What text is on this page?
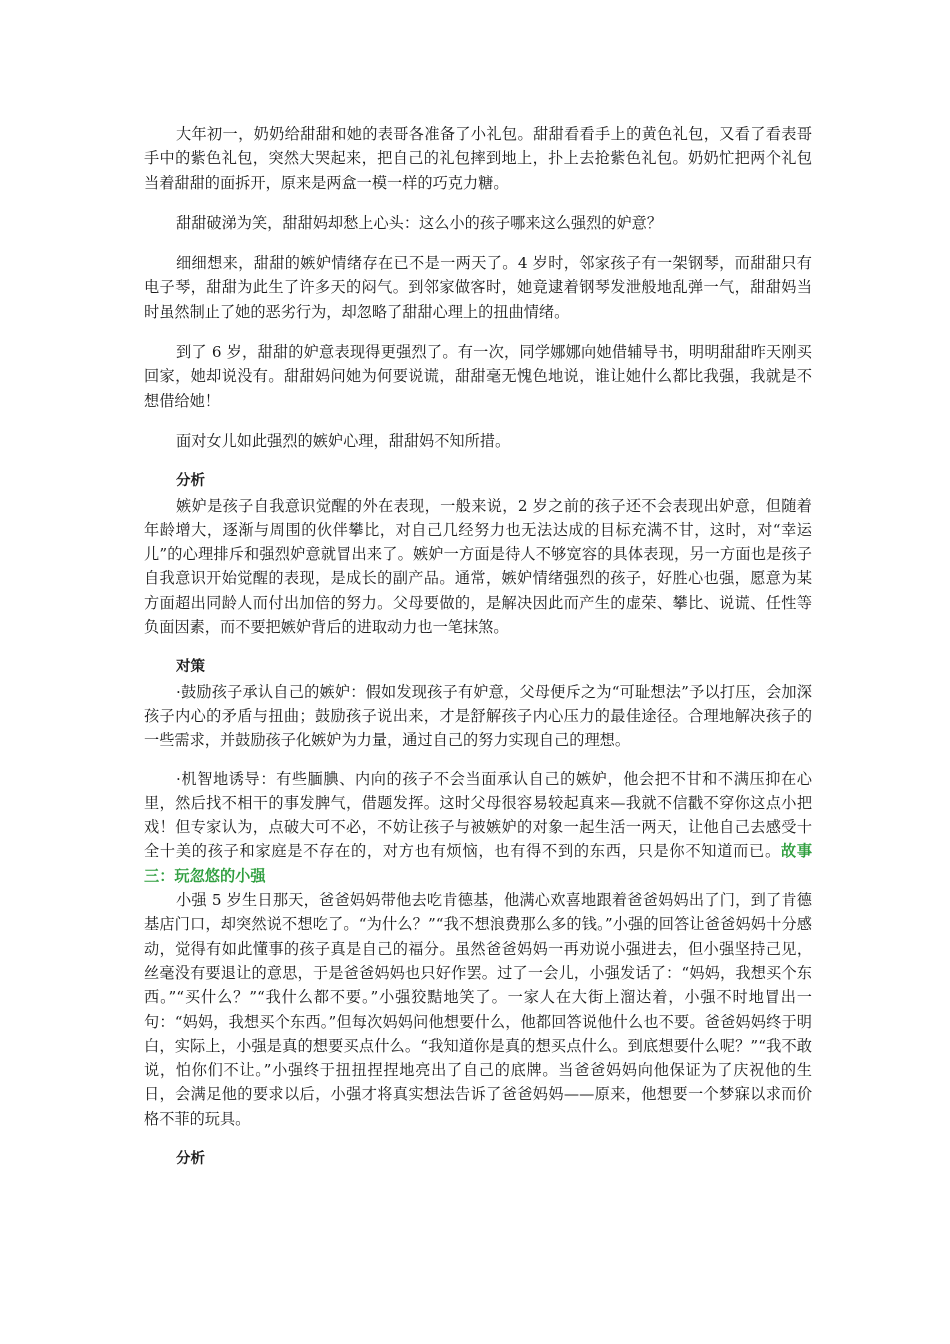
大年初一，奶奶给甜甜和她的表哥各准备了小礼包。甜甜看看手上的黄色礼包，又看了看表哥手中的紫色礼包，突然大哭起来，把自己的礼包摔到地上，扑上去抢紫色礼包。奶奶忙把两个礼包当着甜甜的面拆开，原来是两盒一模一样的巧克力糖。

甜甜破涕为笑，甜甜妈却愁上心头：这么小的孩子哪来这么强烈的妒意？

细细想来，甜甜的嫉妒情绪存在已不是一两天了。4 岁时，邻家孩子有一架钢琴，而甜甜只有电子琴，甜甜为此生了许多天的闷气。到邻家做客时，她竟逮着钢琴发泄般地乱弹一气，甜甜妈当时虽然制止了她的恶劣行为，却忽略了甜甜心理上的扭曲情绪。

到了 6 岁，甜甜的妒意表现得更强烈了。有一次，同学娜娜向她借辅导书，明明甜甜昨天刚买回家，她却说没有。甜甜妈问她为何要说谎，甜甜毫无愧色地说，谁让她什么都比我强，我就是不想借给她！

面对女儿如此强烈的嫉妒心理，甜甜妈不知所措。

分析

嫉妒是孩子自我意识觉醒的外在表现，一般来说，2 岁之前的孩子还不会表现出妒意，但随着年龄增大，逐渐与周围的伙伴攀比，对自己几经努力也无法达成的目标充满不甘，这时，对“幸运儿”的心理排斥和强烈妒意就冒出来了。嫉妒一方面是待人不够宽容的具体表现，另一方面也是孩子自我意识开始觉醒的表现，是成长的副产品。通常，嫉妒情绪强烈的孩子，好胜心也强，愿意为某方面超出同龄人而付出加倍的努力。父母要做的，是解决因此而产生的虚荣、攀比、说谎、任性等负面因素，而不要把嫉妒背后的进取动力也一笔抹煞。

对策

·鼓励孩子承认自己的嫉妒：假如发现孩子有妒意，父母便斥之为“可耻想法”予以打压，会加深孩子内心的矛盾与扭曲；鼓励孩子说出来，才是舒解孩子内心压力的最佳途径。合理地解决孩子的一些需求，并鼓励孩子化嫉妒为力量，通过自己的努力实现自己的理想。

·机智地诱导：有些腼腆、内向的孩子不会当面承认自己的嫉妒，他会把不甘和不满压抑在心里，然后找不相干的事发脾气，借题发挥。这时父母很容易较起真来—我就不信戳不穿你这点小把戏！但专家认为，点破大可不必，不妨让孩子与被嫉妒的对象一起生活一两天，让他自己去感受十全十美的孩子和家庭是不存在的，对方也有烦恼，也有得不到的东西，只是你不知道而已。故事三：玩忽悠的小强

小强 5 岁生日那天，爸爸妈妈带他去吃肯德基，他满心欢喜地跟着爸爸妈妈出了门，到了肯德基店门口，却突然说不想吃了。“为什么？”“我不想浪费那么多的钱。”小强的回答让爸爸妈妈十分感动，觉得有如此懂事的孩子真是自己的福分。虽然爸爸妈妈一再劝说小强进去，但小强坚持己见，丝毫没有要退让的意思，于是爸爸妈妈也只好作罢。过了一会儿，小强发话了：“妈妈，我想买个东西。”“买什么？”“我什么都不要。”小强狡黠地笑了。一家人在大街上溜达着，小强不时地冒出一句：“妈妈，我想买个东西。”但每次妈妈问他想要什么，他都回答说他什么也不要。爸爸妈妈终于明白，实际上，小强是真的想要买点什么。“我知道你是真的想买点什么。到底想要什么呢？”“我不敢说，怕你们不让。”小强终于扭扭捏捏地亮出了自己的底牌。当爸爸妈妈向他保证为了庆祝他的生日，会满足他的要求以后，小强才将真实想法告诉了爸爸妈妈——原来，他想要一个梦寐以求而价格不菲的玩具。

分析
